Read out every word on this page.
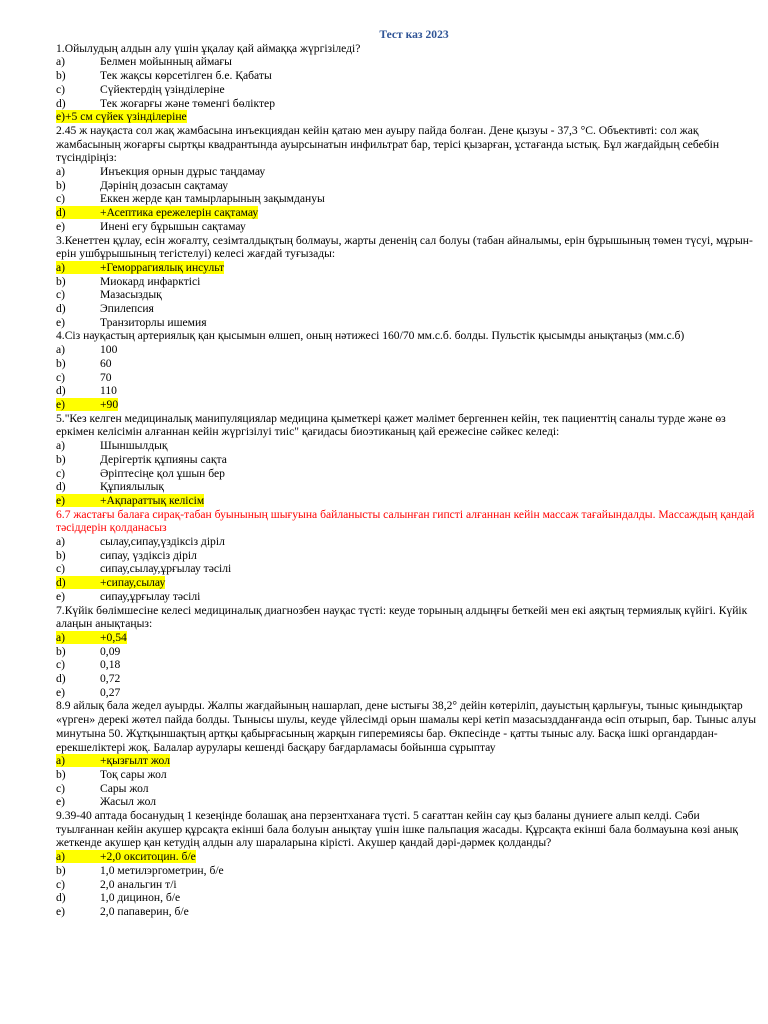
Тест каз 2023

1.Ойылудың алдын алу үшін ұқалау қай аймаққа жүргізіледі?

a)	Белмен мойынның аймағы
b)	Тек жақсы көрсетілген б.е. Қабаты
c)	Сүйектердің үзінділеріне
d)	Тек жоғарғы және төменгі бөліктер
e)+5 см сүйек үзінділеріне

2.45 ж науқаста сол жақ жамбасына инъекциядан кейін қатаю мен ауыру пайда болған. Дене қызуы - 37,3 °С. Объективті: сол жақ жамбасының жоғарғы сыртқы квадрантында ауырсынатын инфильтрат бар, терісі қызарған, ұстағанда ыстық. Бұл жағдайдың себебін түсіндіріңіз:

a)	Инъекция орнын дұрыс таңдамау
b)	Дәрінің дозасын сақтамау
c)	Еккен жерде қан тамырларының зақымдануы
d)	+Асептика ережелерін сақтамау
e)	Инені егу бұрышын сақтамау

3.Кенеттен құлау, есін жоғалту, сезімталдықтың болмауы, жарты дененің сал болуы (табан айналымы, ерін бұрышының төмен түсуі, мұрын-ерін ушбұрышының тегістелуі) келесі жағдай туғызады:

a)	+Геморрагиялық инсульт
b)	Миокард инфарктісі
c)	Мазасыздық
d)	Эпилепсия
e)	Транзиторлы ишемия

4.Сіз науқастың артериялық қан қысымын өлшеп, оның нәтижесі 160/70 мм.с.б. болды. Пульстік қысымды анықтаңыз (мм.с.б)

a)	100
b)	60
c)	70
d)	110
e)	+90

5."Кез келген медициналық манипуляциялар медицина қыметкері қажет мәлімет бергеннен кейін, тек пациенттің саналы турде және өз еркімен келісімін алғаннан кейін жүргізілуі тиіс" қағидасы биоэтиканың қай ережесіне сәйкес келеді:

a)	Шыншылдық
b)	Дерігертік құпияны сақта
c)	Әріптесіңе қол ұшын бер
d)	Құпиялылық
e)	+Ақпараттық келісім

6.7 жастағы балаға сирақ-табан буынының шығуына байланысты салынған гипсті алғаннан кейін массаж тағайындалды. Массаждың қандай тәсіддерін қолданасыз

a)	сылау,сипау,үздіксіз діріл
b)	сипау, үздіксіз діріл
c)	сипау,сылау,ұрғылау тәсілі
d)	+сипау,сылау
e)	сипау,ұрғылау тәсілі

7.Күйік бөлімшесіне келесі медициналық диагнозбен науқас түсті: кеуде торының алдыңғы беткейі мен екі аяқтың термиялық күйігі. Күйік алаңын анықтаңыз:

a)	+0,54
b)	0,09
c)	0,18
d)	0,72
e)	0,27

8.9 айлық бала жедел ауырды. Жалпы жағдайының нашарлап, дене ыстығы 38,2° дейін көтеріліп, дауыстың қарлығуы, тыныс қиындықтар «үрген» дерекі жөтел пайда болды. Тынысы шулы, кеуде үйлесімді орын шамалы кері кетіп мазасыздданғанда өсіп отырып, бар. Тыныс алуы минутына 50. Жұтқыншақтың артқы қабырғасының жарқын гиперемиясы бар. Өкпесінде - қатты тыныс алу. Басқа ішкі органдардан- ерекшеліктері жоқ. Балалар аурулары кешенді басқару бағдарламасы бойынша сұрыптау

a)	+қызғылт жол
b)	Тоқ сары жол
c)	Сары жол
e)	Жасыл жол

9.39-40 аптада босанудың 1 кезеңінде болашақ ана перзентханаға түсті. 5 сағаттан кейін сау қыз баланы дүниеге алып келді. Сәби туылғаннан кейін акушер құрсақта екінші бала болуын анықтау үшін ішке пальпация жасады. Құрсақта екінші бала болмауына көзі анық жеткенде акушер қан кетудің алдын алу шараларына кірісті. Акушер қандай дәрі-дәрмек қолданды?

a)	+2,0 окситоцин. б/е
b)	1,0 метилэргометрин, б/е
c)	2,0 анальгин т/і
d)	1,0 дицинон, б/е
e)	2,0 папаверин, б/е
